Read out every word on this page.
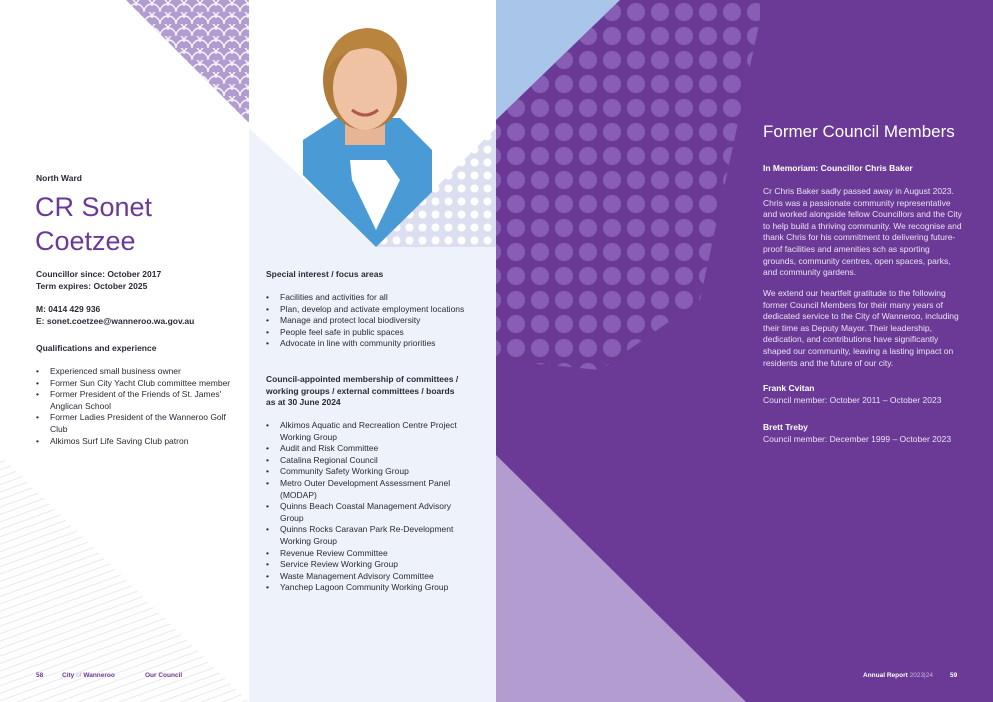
North Ward
CR Sonet
Coetzee
Councillor since: October 2017
Term expires: October 2025
M: 0414 429 936
E: sonet.coetzee@wanneroo.wa.gov.au
Qualifications and experience
• Experienced small business owner
• Former Sun City Yacht Club committee member
• Former President of the Friends of St. James' Anglican School
• Former Ladies President of the Wanneroo Golf Club
• Alkimos Surf Life Saving Club patron
Special interest / focus areas
• Facilities and activities for all
• Plan, develop and activate employment locations
• Manage and protect local biodiversity
• People feel safe in public spaces
• Advocate in line with community priorities
Council-appointed membership of committees / working groups / external committees / boards as at 30 June 2024
• Alkimos Aquatic and Recreation Centre Project Working Group
• Audit and Risk Committee
• Catalina Regional Council
• Community Safety Working Group
• Metro Outer Development Assessment Panel (MODAP)
• Quinns Beach Coastal Management Advisory Group
• Quinns Rocks Caravan Park Re-Development Working Group
• Revenue Review Committee
• Service Review Working Group
• Waste Management Advisory Committee
• Yanchep Lagoon Community Working Group
Former Council Members
In Memoriam: Councillor Chris Baker
Cr Chris Baker sadly passed away in August 2023. Chris was a passionate community representative and worked alongside fellow Councillors and the City to help build a thriving community. We recognise and thank Chris for his commitment to delivering future-proof facilities and amenities sch as sporting grounds, community centres, open spaces, parks, and community gardens.
We extend our heartfelt gratitude to the following former Council Members for their many years of dedicated service to the City of Wanneroo, including their time as Deputy Mayor. Their leadership, dedication, and contributions have significantly shaped our community, leaving a lasting impact on residents and the future of our city.
Frank Cvitan
Council member: October 2011 – October 2023
Brett Treby
Council member: December 1999 – October 2023
58	City of Wanneroo	Our Council	Annual Report 2023|24	59
